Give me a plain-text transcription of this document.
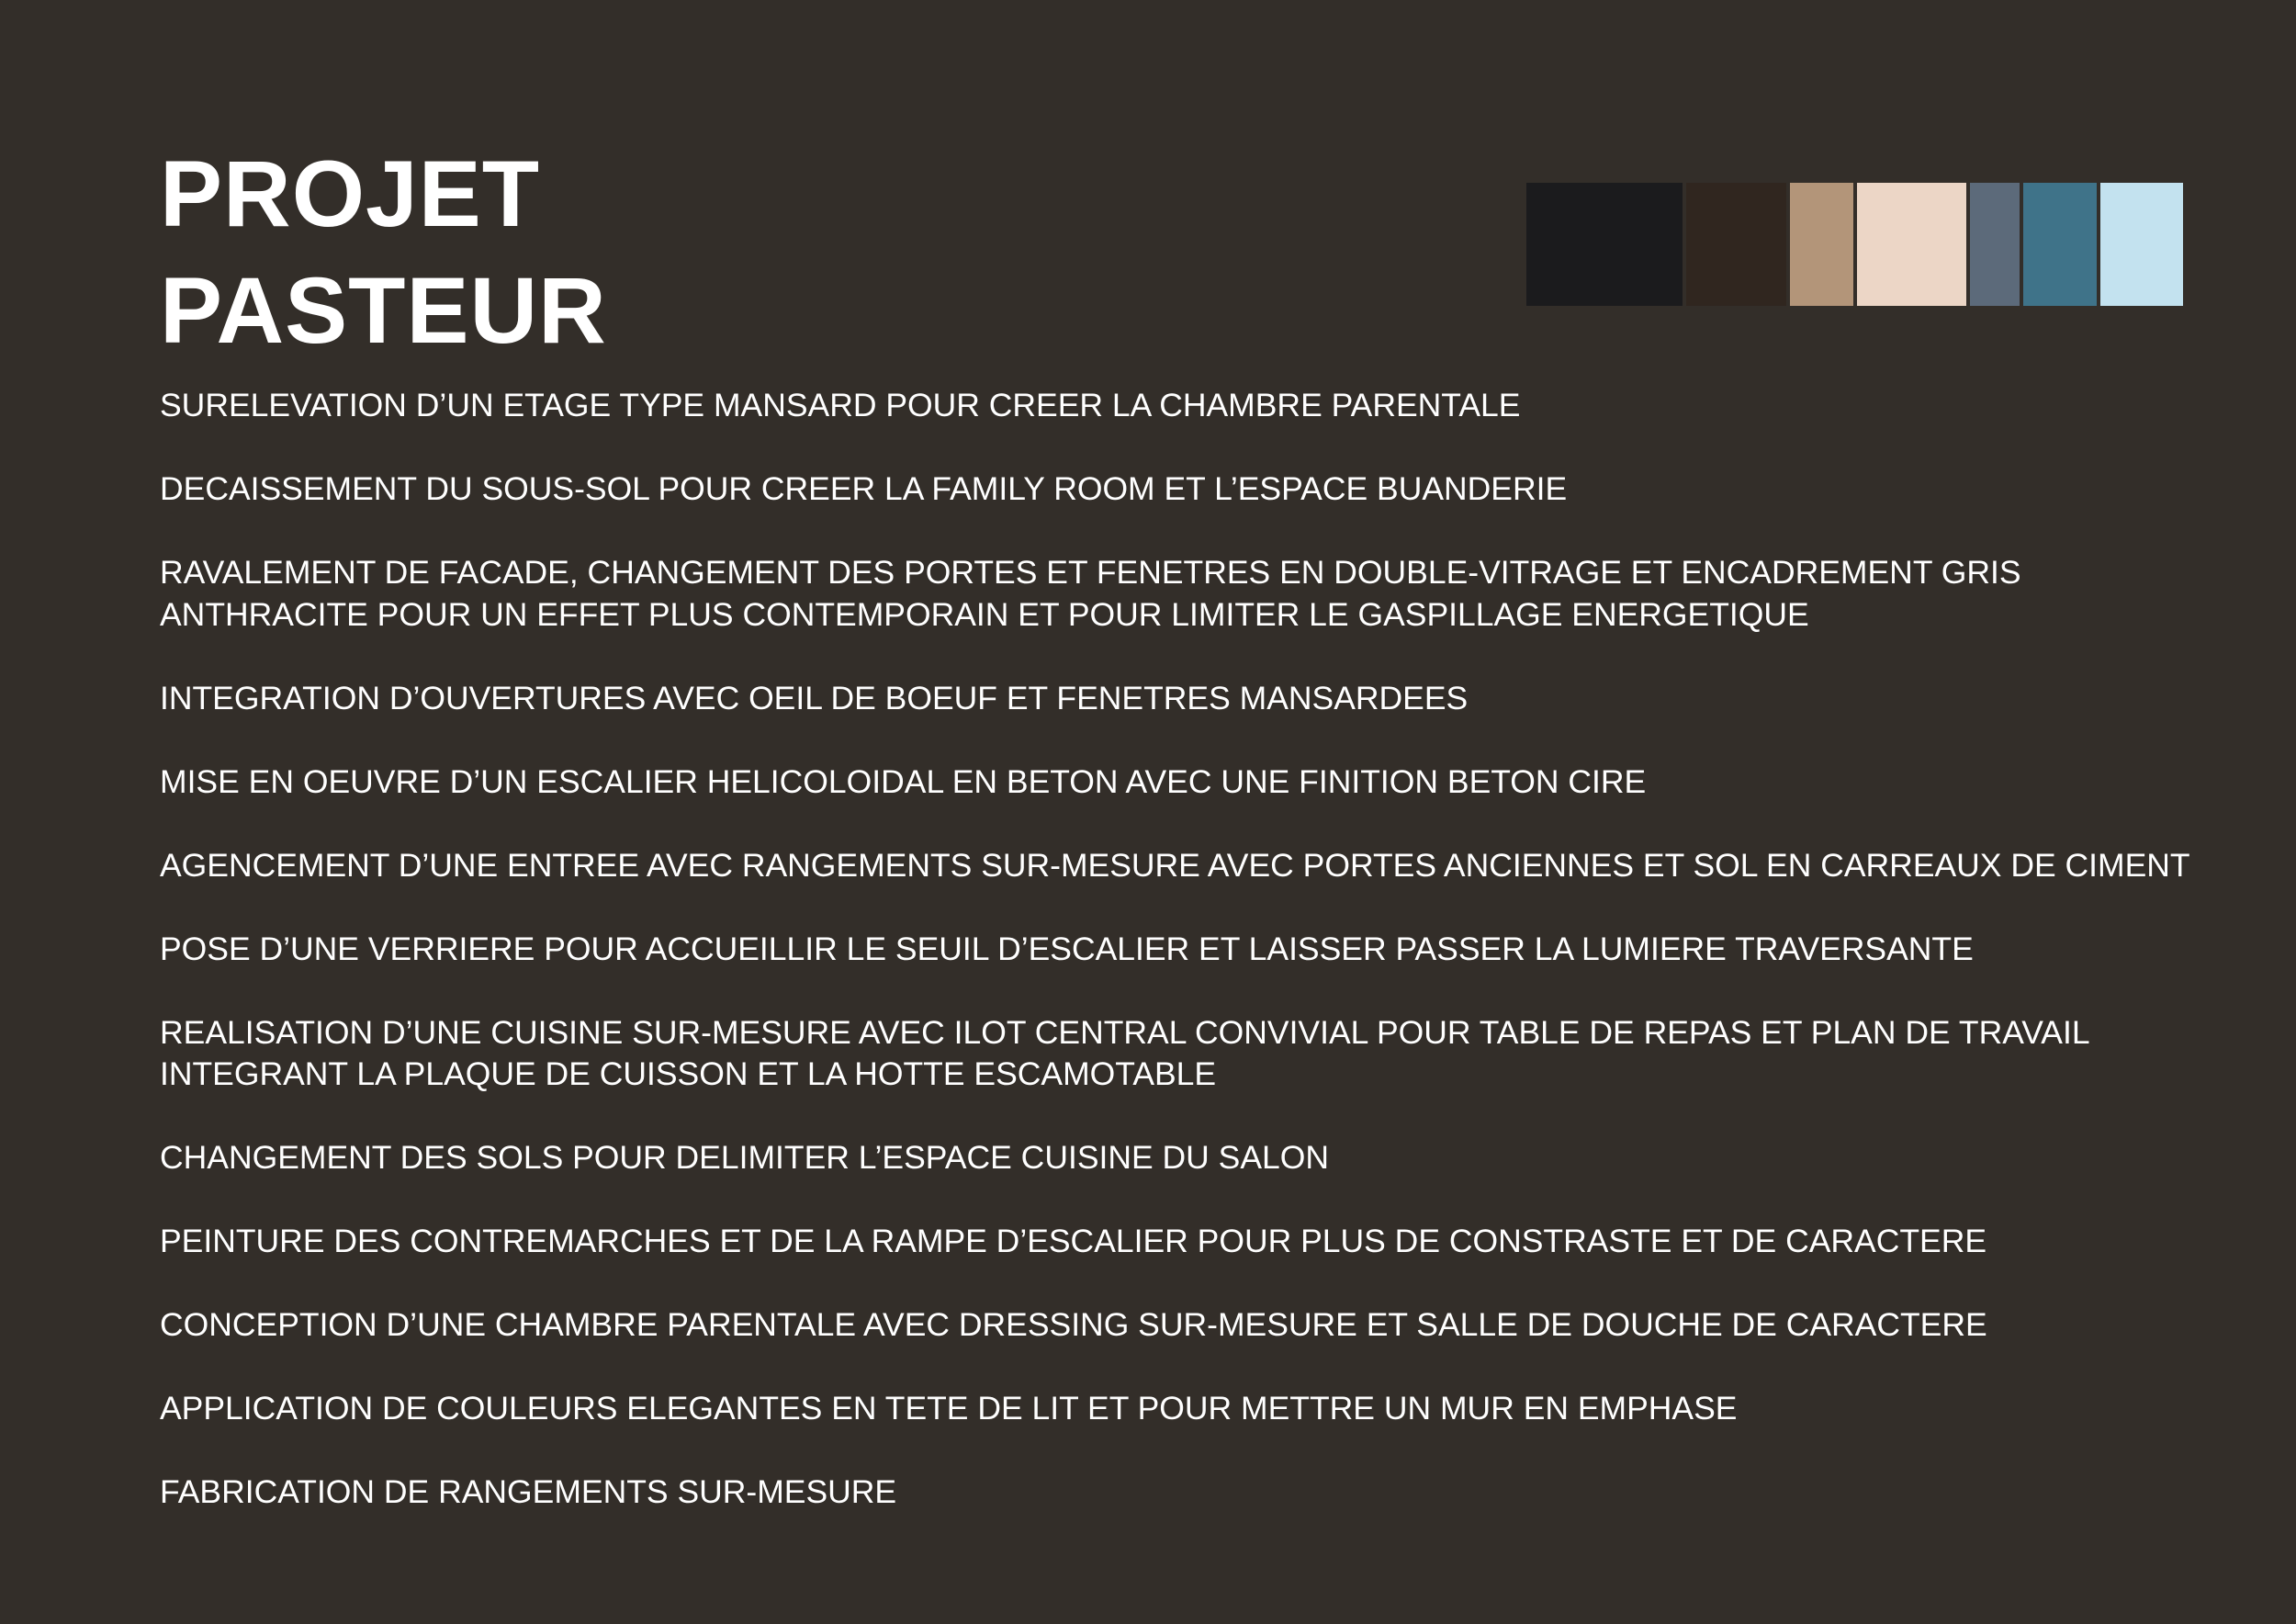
PROJET
PASTEUR
SURELEVATION D’UN ETAGE TYPE MANSARD POUR CREER LA CHAMBRE PARENTALE
DECAISSEMENT DU SOUS-SOL POUR CREER LA FAMILY ROOM ET L’ESPACE BUANDERIE
RAVALEMENT DE FACADE, CHANGEMENT DES PORTES ET FENETRES EN DOUBLE-VITRAGE ET ENCADREMENT GRIS
ANTHRACITE POUR UN EFFET PLUS CONTEMPORAIN ET POUR LIMITER LE GASPILLAGE ENERGETIQUE
INTEGRATION D’OUVERTURES AVEC OEIL DE BOEUF ET FENETRES MANSARDEES
MISE EN OEUVRE D’UN ESCALIER HELICOLOIDAL EN BETON AVEC UNE FINITION BETON CIRE
AGENCEMENT D’UNE ENTREE AVEC RANGEMENTS SUR-MESURE AVEC PORTES ANCIENNES ET SOL EN CARREAUX DE CIMENT
POSE D’UNE VERRIERE POUR ACCUEILLIR LE SEUIL D’ESCALIER ET LAISSER PASSER LA LUMIERE TRAVERSANTE
REALISATION D’UNE CUISINE SUR-MESURE AVEC ILOT CENTRAL CONVIVIAL POUR TABLE DE REPAS ET PLAN DE TRAVAIL
INTEGRANT LA PLAQUE DE CUISSON ET LA HOTTE ESCAMOTABLE
CHANGEMENT DES SOLS POUR DELIMITER L’ESPACE CUISINE DU SALON
PEINTURE DES CONTREMARCHES ET DE LA RAMPE D’ESCALIER POUR PLUS DE CONSTRASTE ET DE CARACTERE
CONCEPTION D’UNE CHAMBRE PARENTALE AVEC DRESSING SUR-MESURE ET SALLE DE DOUCHE DE CARACTERE
APPLICATION DE COULEURS ELEGANTES EN TETE DE LIT ET POUR METTRE UN MUR EN EMPHASE
FABRICATION DE RANGEMENTS SUR-MESURE
